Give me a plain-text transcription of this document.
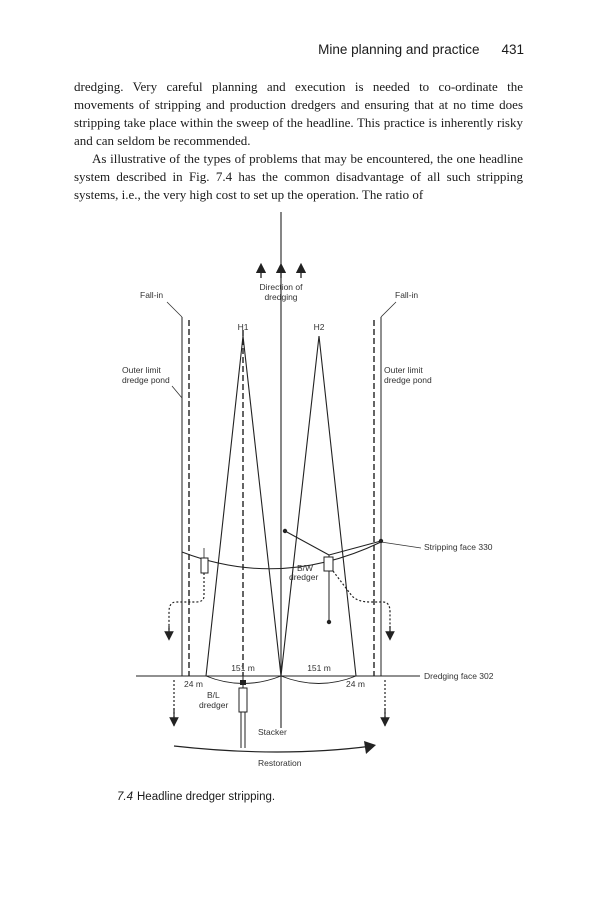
Mine planning and practice 431

dredging. Very careful planning and execution is needed to co-ordinate the movements of stripping and production dredgers and ensuring that at no time does stripping take place within the sweep of the headline. This practice is inherently risky and can seldom be recommended.

As illustrative of the types of problems that may be encountered, the one headline system described in Fig. 7.4 has the common disadvantage of all such stripping systems, i.e., the very high cost to set up the operation. The ratio of

Direction of
dredging
Fall-in	Fall-in
Outer limit
dredge pond
Outer limit
dredge pond
H1	H2
Stripping face 330
B/W
dredger
Dredging face 302
151 m	151 m
24 m	24 m
B/L
dredger
Stacker
Restoration
7.4 Headline dredger stripping.
